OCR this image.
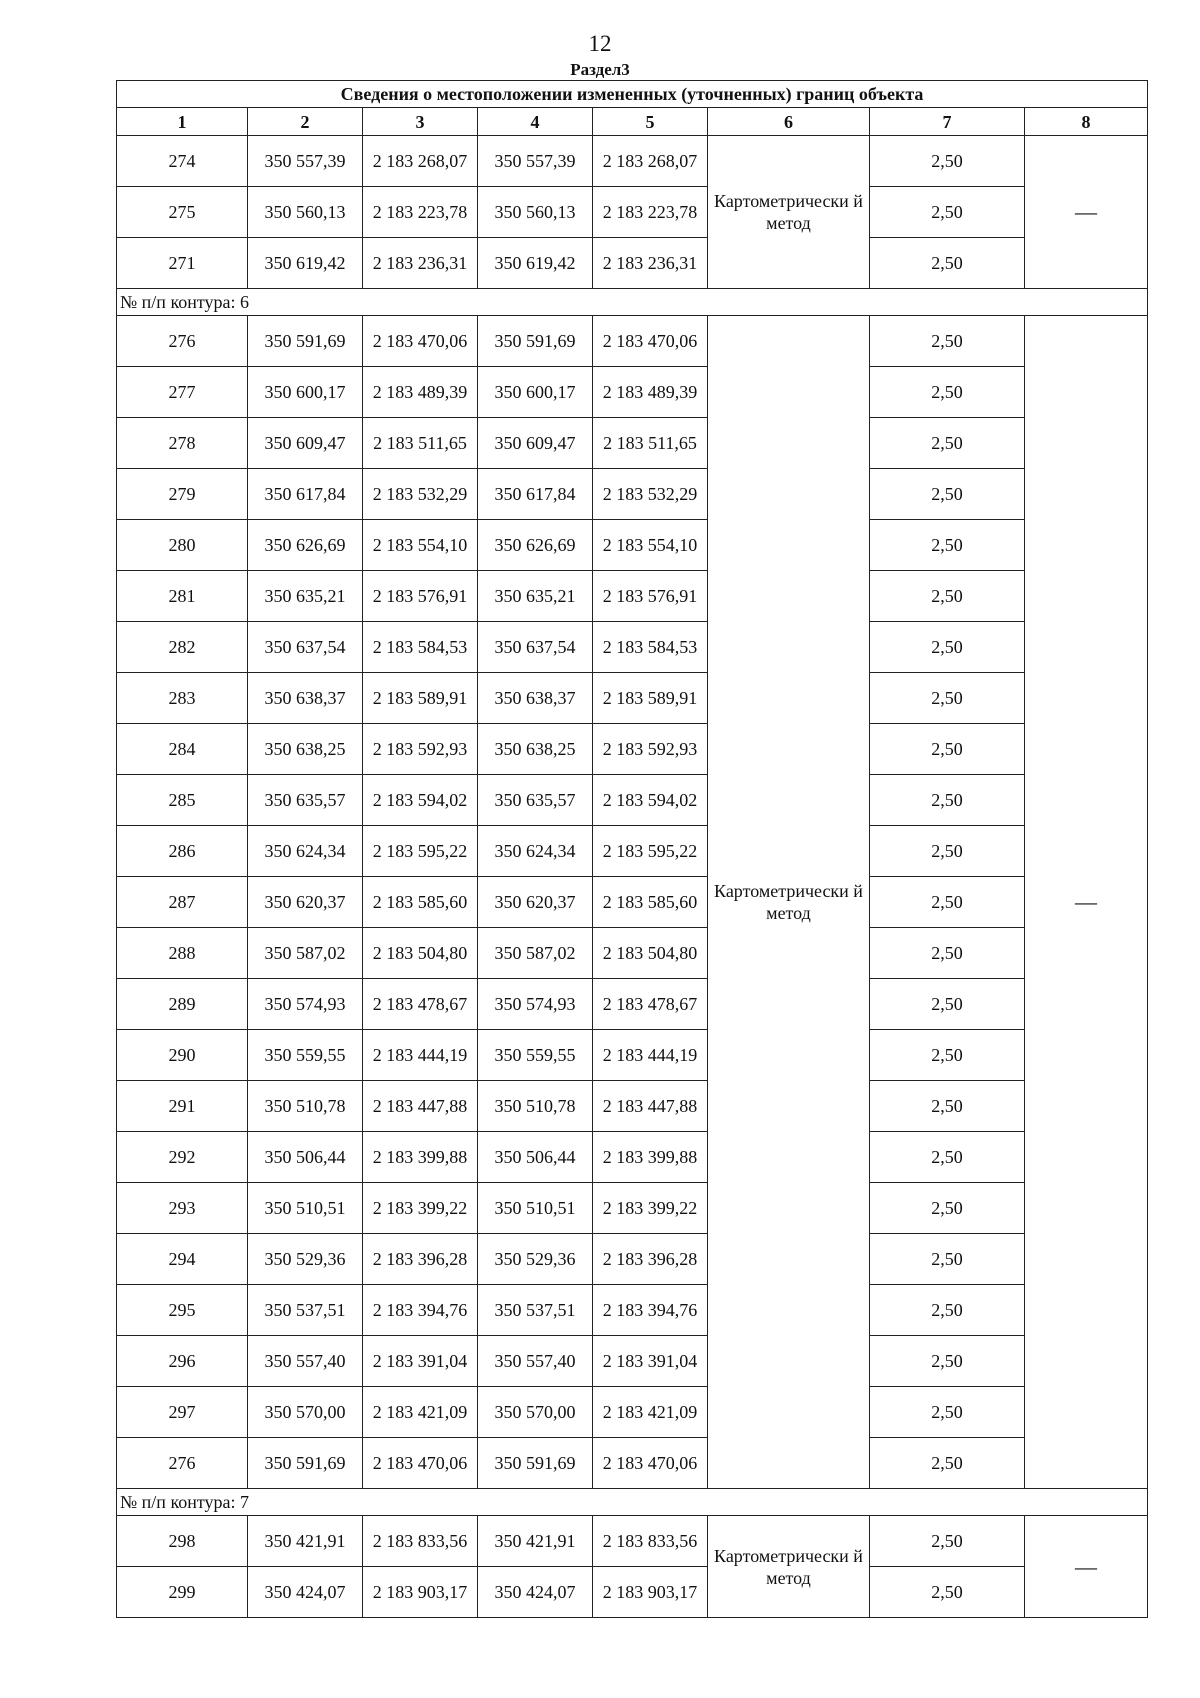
12
Раздел3
Сведения о местоположении измененных (уточненных) границ объекта							
1	2	3	4	5	6	7	8
274	350 557,39	2 183 268,07	350 557,39	2 183 268,07	Картометрически й метод	2,50	—
275	350 560,13	2 183 223,78	350 560,13	2 183 223,78		2,50	
271	350 619,42	2 183 236,31	350 619,42	2 183 236,31		2,50	
№ п/п контура: 6							
276	350 591,69	2 183 470,06	350 591,69	2 183 470,06	Картометрически й метод	2,50	—
277	350 600,17	2 183 489,39	350 600,17	2 183 489,39		2,50	
278	350 609,47	2 183 511,65	350 609,47	2 183 511,65		2,50	
279	350 617,84	2 183 532,29	350 617,84	2 183 532,29		2,50	
280	350 626,69	2 183 554,10	350 626,69	2 183 554,10		2,50	
281	350 635,21	2 183 576,91	350 635,21	2 183 576,91		2,50	
282	350 637,54	2 183 584,53	350 637,54	2 183 584,53		2,50	
283	350 638,37	2 183 589,91	350 638,37	2 183 589,91		2,50	
284	350 638,25	2 183 592,93	350 638,25	2 183 592,93		2,50	
285	350 635,57	2 183 594,02	350 635,57	2 183 594,02		2,50	
286	350 624,34	2 183 595,22	350 624,34	2 183 595,22		2,50	
287	350 620,37	2 183 585,60	350 620,37	2 183 585,60		2,50	
288	350 587,02	2 183 504,80	350 587,02	2 183 504,80		2,50	
289	350 574,93	2 183 478,67	350 574,93	2 183 478,67		2,50	
290	350 559,55	2 183 444,19	350 559,55	2 183 444,19		2,50	
291	350 510,78	2 183 447,88	350 510,78	2 183 447,88		2,50	
292	350 506,44	2 183 399,88	350 506,44	2 183 399,88		2,50	
293	350 510,51	2 183 399,22	350 510,51	2 183 399,22		2,50	
294	350 529,36	2 183 396,28	350 529,36	2 183 396,28		2,50	
295	350 537,51	2 183 394,76	350 537,51	2 183 394,76		2,50	
296	350 557,40	2 183 391,04	350 557,40	2 183 391,04		2,50	
297	350 570,00	2 183 421,09	350 570,00	2 183 421,09		2,50	
276	350 591,69	2 183 470,06	350 591,69	2 183 470,06		2,50	
№ п/п контура: 7							
298	350 421,91	2 183 833,56	350 421,91	2 183 833,56	Картометрически й метод	2,50	—
299	350 424,07	2 183 903,17	350 424,07	2 183 903,17		2,50	
